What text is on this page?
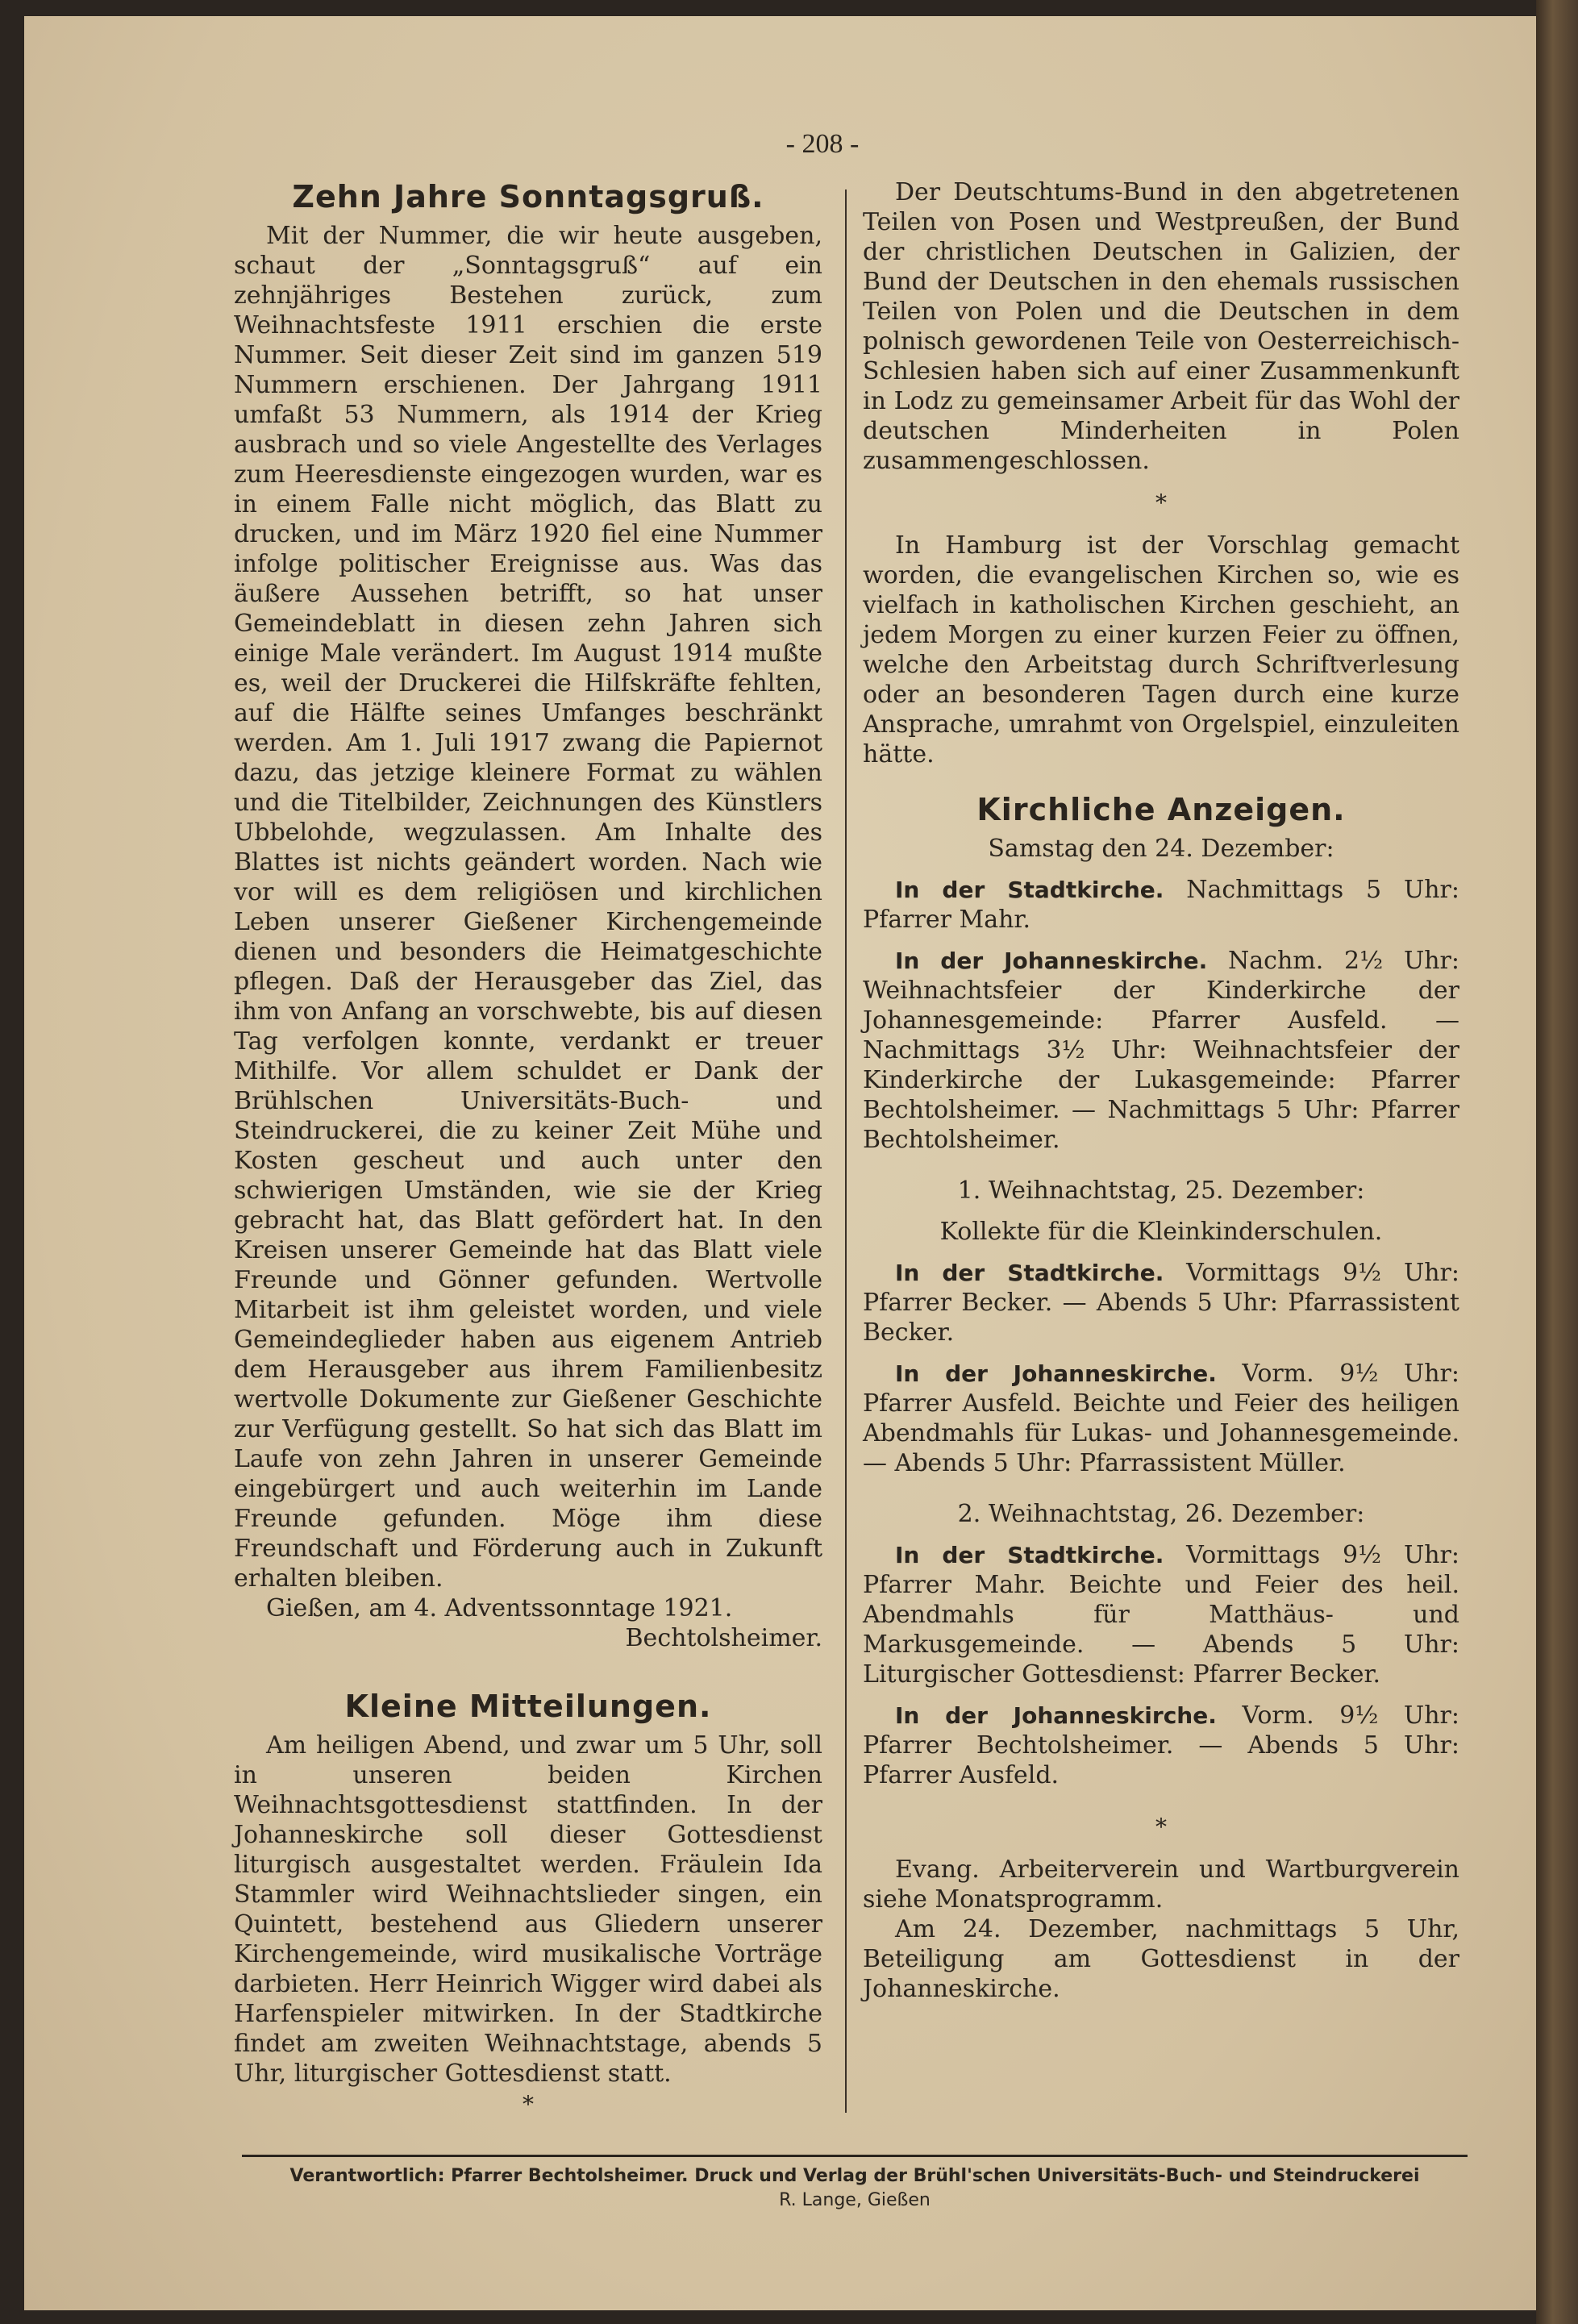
- 208 -
Zehn Jahre Sonntagsgruß.

Mit der Nummer, die wir heute ausgeben, schaut der „Sonntagsgruß“ auf ein zehnjähriges Bestehen zurück, zum Weihnachtsfeste 1911 erschien die erste Nummer. Seit dieser Zeit sind im ganzen 519 Nummern erschienen. Der Jahrgang 1911 umfaßt 53 Nummern, als 1914 der Krieg ausbrach und so viele Angestellte des Verlages zum Heeresdienste eingezogen wurden, war es in einem Falle nicht möglich, das Blatt zu drucken, und im März 1920 fiel eine Nummer infolge politischer Ereignisse aus. Was das äußere Aussehen betrifft, so hat unser Gemeindeblatt in diesen zehn Jahren sich einige Male verändert. Im August 1914 mußte es, weil der Druckerei die Hilfskräfte fehlten, auf die Hälfte seines Umfanges beschränkt werden. Am 1. Juli 1917 zwang die Papiernot dazu, das jetzige kleinere Format zu wählen und die Titelbilder, Zeichnungen des Künstlers Ubbelohde, wegzulassen. Am Inhalte des Blattes ist nichts geändert worden. Nach wie vor will es dem religiösen und kirchlichen Leben unserer Gießener Kirchengemeinde dienen und besonders die Heimatgeschichte pflegen. Daß der Herausgeber das Ziel, das ihm von Anfang an vorschwebte, bis auf diesen Tag verfolgen konnte, verdankt er treuer Mithilfe. Vor allem schuldet er Dank der Brühlschen Universitäts-Buch- und Steindruckerei, die zu keiner Zeit Mühe und Kosten gescheut und auch unter den schwierigen Umständen, wie sie der Krieg gebracht hat, das Blatt gefördert hat. In den Kreisen unserer Gemeinde hat das Blatt viele Freunde und Gönner gefunden. Wertvolle Mitarbeit ist ihm geleistet worden, und viele Gemeindeglieder haben aus eigenem Antrieb dem Herausgeber aus ihrem Familienbesitz wertvolle Dokumente zur Gießener Geschichte zur Verfügung gestellt. So hat sich das Blatt im Laufe von zehn Jahren in unserer Gemeinde eingebürgert und auch weiterhin im Lande Freunde gefunden. Möge ihm diese Freundschaft und Förderung auch in Zukunft erhalten bleiben.

Gießen, am 4. Adventssonntage 1921.

Bechtolsheimer.

Kleine Mitteilungen.

Am heiligen Abend, und zwar um 5 Uhr, soll in unseren beiden Kirchen Weihnachtsgottesdienst stattfinden. In der Johanneskirche soll dieser Gottesdienst liturgisch ausgestaltet werden. Fräulein Ida Stammler wird Weihnachtslieder singen, ein Quintett, bestehend aus Gliedern unserer Kirchengemeinde, wird musikalische Vorträge darbieten. Herr Heinrich Wigger wird dabei als Harfenspieler mitwirken. In der Stadtkirche findet am zweiten Weihnachtstage, abends 5 Uhr, liturgischer Gottesdienst statt.

*

Der Deutschtums-Bund in den abgetretenen Teilen von Posen und Westpreußen, der Bund der christlichen Deutschen in Galizien, der Bund der Deutschen in den ehemals russischen Teilen von Polen und die Deutschen in dem polnisch gewordenen Teile von Oesterreichisch-Schlesien haben sich auf einer Zusammenkunft in Lodz zu gemeinsamer Arbeit für das Wohl der deutschen Minderheiten in Polen zusammengeschlossen.

*

In Hamburg ist der Vorschlag gemacht worden, die evangelischen Kirchen so, wie es vielfach in katholischen Kirchen geschieht, an jedem Morgen zu einer kurzen Feier zu öffnen, welche den Arbeitstag durch Schriftverlesung oder an besonderen Tagen durch eine kurze Ansprache, umrahmt von Orgelspiel, einzuleiten hätte.

Kirchliche Anzeigen.

Samstag den 24. Dezember:

In der Stadtkirche. Nachmittags 5 Uhr: Pfarrer Mahr.

In der Johanneskirche. Nachm. 2½ Uhr: Weihnachtsfeier der Kinderkirche der Johannesgemeinde: Pfarrer Ausfeld. — Nachmittags 3½ Uhr: Weihnachtsfeier der Kinderkirche der Lukasgemeinde: Pfarrer Bechtolsheimer. — Nachmittags 5 Uhr: Pfarrer Bechtolsheimer.

1. Weihnachtstag, 25. Dezember:

Kollekte für die Kleinkinderschulen.

In der Stadtkirche. Vormittags 9½ Uhr: Pfarrer Becker. — Abends 5 Uhr: Pfarrassistent Becker.

In der Johanneskirche. Vorm. 9½ Uhr: Pfarrer Ausfeld. Beichte und Feier des heiligen Abendmahls für Lukas- und Johannesgemeinde. — Abends 5 Uhr: Pfarrassistent Müller.

2. Weihnachtstag, 26. Dezember:

In der Stadtkirche. Vormittags 9½ Uhr: Pfarrer Mahr. Beichte und Feier des heil. Abendmahls für Matthäus- und Markusgemeinde. — Abends 5 Uhr: Liturgischer Gottesdienst: Pfarrer Becker.

In der Johanneskirche. Vorm. 9½ Uhr: Pfarrer Bechtolsheimer. — Abends 5 Uhr: Pfarrer Ausfeld.

*

Evang. Arbeiterverein und Wartburgverein siehe Monatsprogramm.

Am 24. Dezember, nachmittags 5 Uhr, Beteiligung am Gottesdienst in der Johanneskirche.

Verantwortlich: Pfarrer Bechtolsheimer. Druck und Verlag der Brühl'schen Universitäts-Buch- und Steindruckerei
R. Lange, Gießen
